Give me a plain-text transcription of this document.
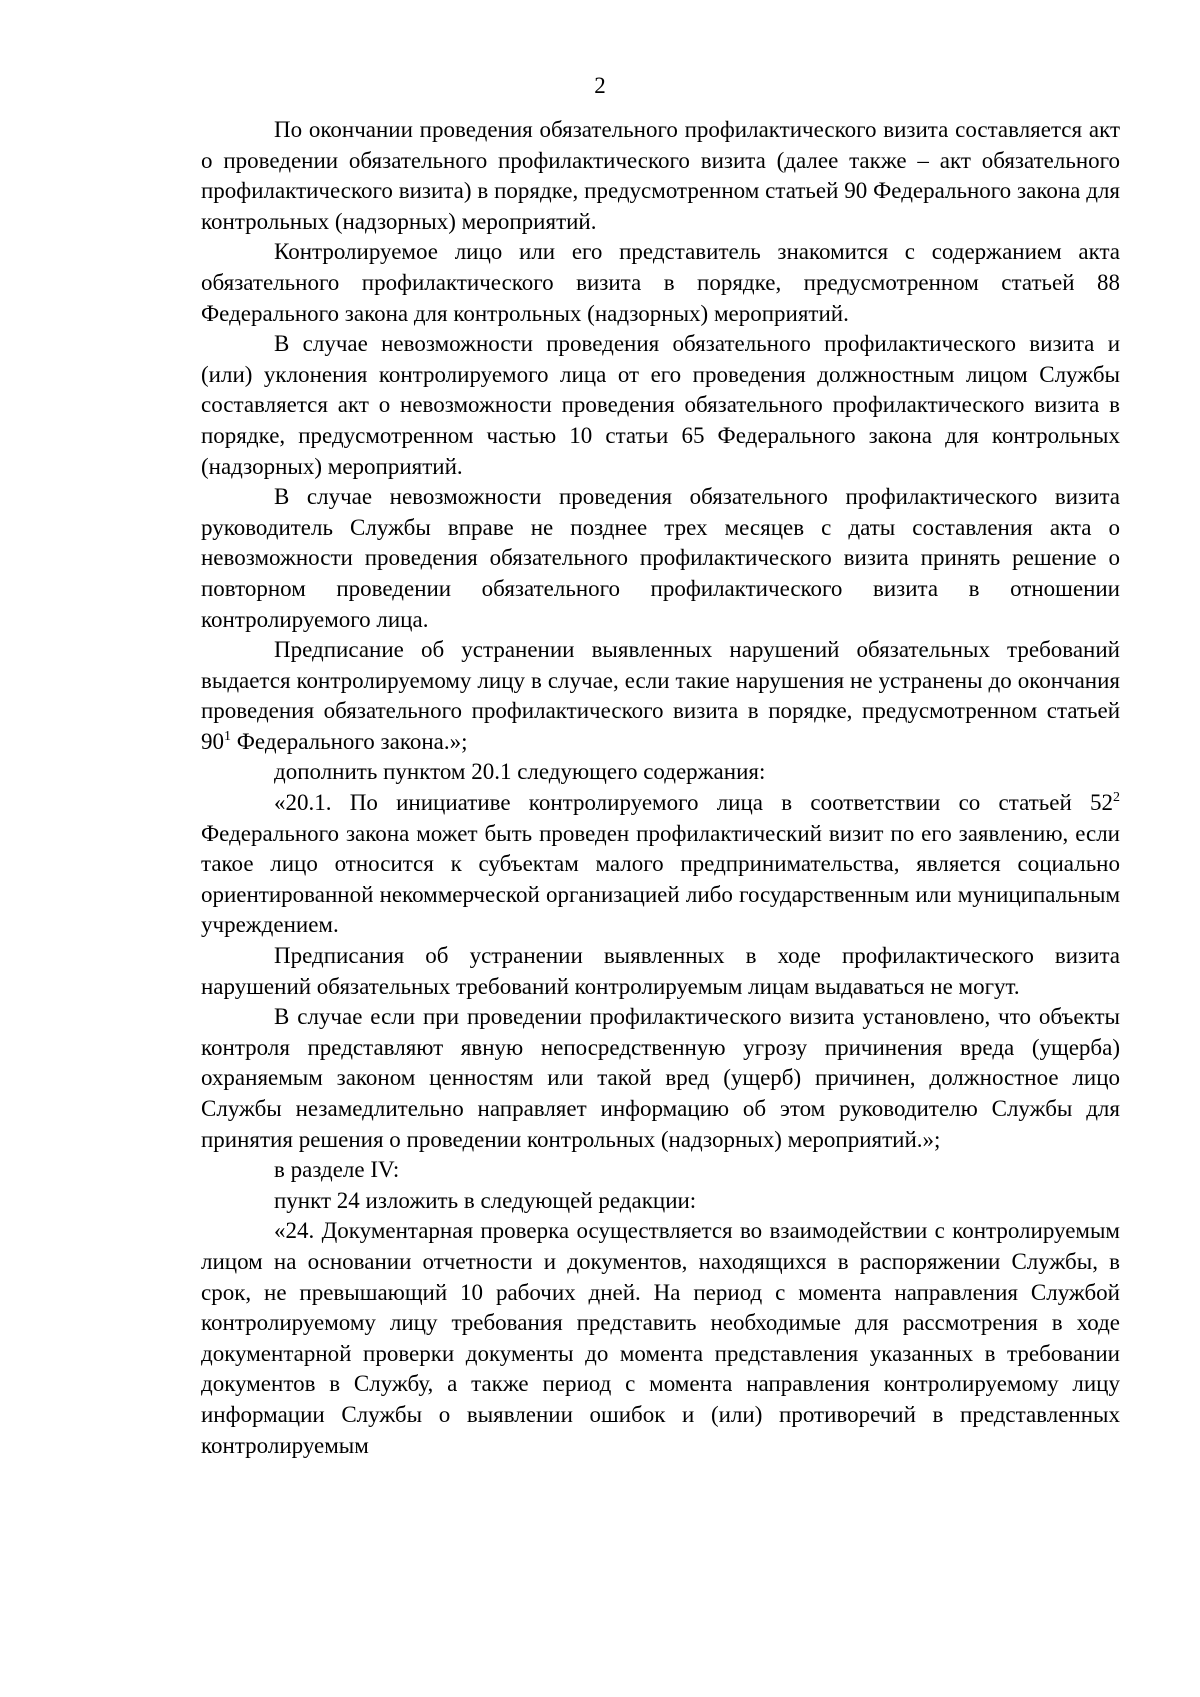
2

По окончании проведения обязательного профилактического визита составляется акт о проведении обязательного профилактического визита (далее также – акт обязательного профилактического визита) в порядке, предусмотренном статьей 90 Федерального закона для контрольных (надзорных) мероприятий.

Контролируемое лицо или его представитель знакомится с содержанием акта обязательного профилактического визита в порядке, предусмотренном статьей 88 Федерального закона для контрольных (надзорных) мероприятий.

В случае невозможности проведения обязательного профилактического визита и (или) уклонения контролируемого лица от его проведения должностным лицом Службы составляется акт о невозможности проведения обязательного профилактического визита в порядке, предусмотренном частью 10 статьи 65 Федерального закона для контрольных (надзорных) мероприятий.

В случае невозможности проведения обязательного профилактического визита руководитель Службы вправе не позднее трех месяцев с даты составления акта о невозможности проведения обязательного профилактического визита принять решение о повторном проведении обязательного профилактического визита в отношении контролируемого лица.

Предписание об устранении выявленных нарушений обязательных требований выдается контролируемому лицу в случае, если такие нарушения не устранены до окончания проведения обязательного профилактического визита в порядке, предусмотренном статьей $90^1$ Федерального закона.»;

дополнить пунктом 20.1 следующего содержания:

«20.1. По инициативе контролируемого лица в соответствии со статьей $52^2$ Федерального закона может быть проведен профилактический визит по его заявлению, если такое лицо относится к субъектам малого предпринимательства, является социально ориентированной некоммерческой организацией либо государственным или муниципальным учреждением.

Предписания об устранении выявленных в ходе профилактического визита нарушений обязательных требований контролируемым лицам выдаваться не могут.

В случае если при проведении профилактического визита установлено, что объекты контроля представляют явную непосредственную угрозу причинения вреда (ущерба) охраняемым законом ценностям или такой вред (ущерб) причинен, должностное лицо Службы незамедлительно направляет информацию об этом руководителю Службы для принятия решения о проведении контрольных (надзорных) мероприятий.»;

в разделе IV:

пункт 24 изложить в следующей редакции:

«24. Документарная проверка осуществляется во взаимодействии с контролируемым лицом на основании отчетности и документов, находящихся в распоряжении Службы, в срок, не превышающий 10 рабочих дней. На период с момента направления Службой контролируемому лицу требования представить необходимые для рассмотрения в ходе документарной проверки документы до момента представления указанных в требовании документов в Службу, а также период с момента направления контролируемому лицу информации Службы о выявлении ошибок и (или) противоречий в представленных контролируемым
